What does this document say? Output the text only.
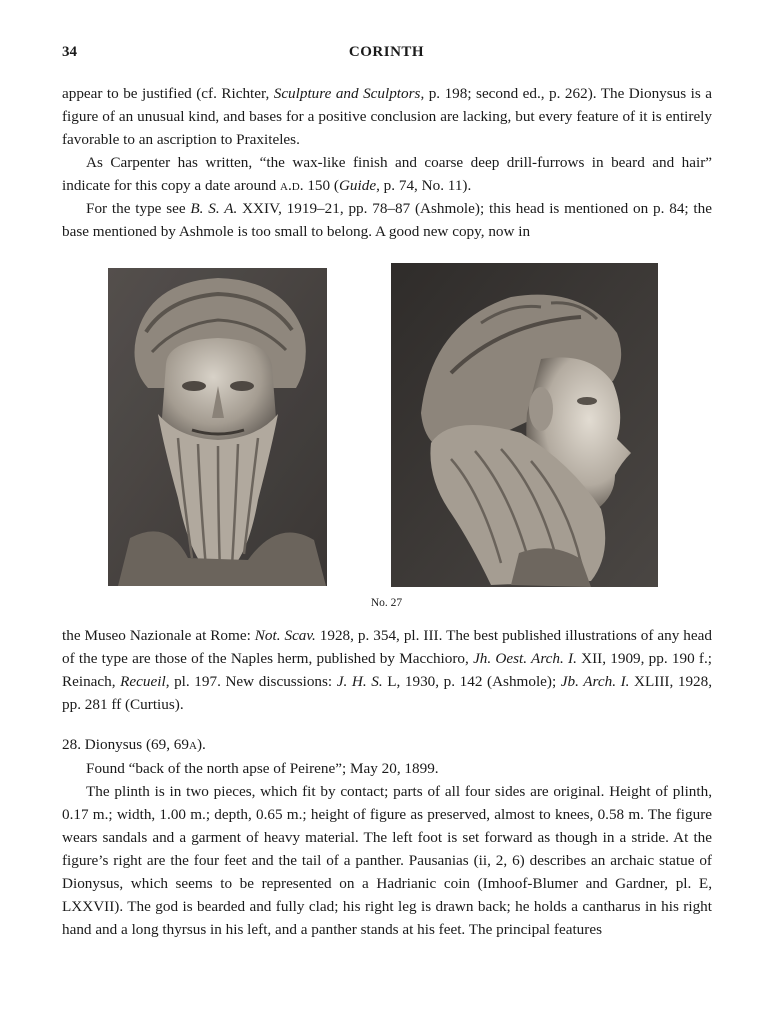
34	CORINTH

appear to be justified (cf. Richter, Sculpture and Sculptors, p. 198; second ed., p. 262). The Dionysus is a figure of an unusual kind, and bases for a positive conclusion are lacking, but every feature of it is entirely favorable to an ascription to Praxiteles.

As Carpenter has written, “the wax-like finish and coarse deep drill-furrows in beard and hair” indicate for this copy a date around a.d. 150 (Guide, p. 74, No. 11).

For the type see B. S. A. XXIV, 1919–21, pp. 78–87 (Ashmole); this head is mentioned on p. 84; the base mentioned by Ashmole is too small to belong. A good new copy, now in

No. 27

the Museo Nazionale at Rome: Not. Scav. 1928, p. 354, pl. III. The best published illustrations of any head of the type are those of the Naples herm, published by Macchioro, Jh. Oest. Arch. I. XII, 1909, pp. 190 f.; Reinach, Recueil, pl. 197. New discussions: J. H. S. L, 1930, p. 142 (Ashmole); Jb. Arch. I. XLIII, 1928, pp. 281 ff (Curtius).

28. Dionysus (69, 69a).

Found “back of the north apse of Peirene”; May 20, 1899.

The plinth is in two pieces, which fit by contact; parts of all four sides are original. Height of plinth, 0.17 m.; width, 1.00 m.; depth, 0.65 m.; height of figure as preserved, almost to knees, 0.58 m. The figure wears sandals and a garment of heavy material. The left foot is set forward as though in a stride. At the figure’s right are the four feet and the tail of a panther. Pausanias (ii, 2, 6) describes an archaic statue of Dionysus, which seems to be represented on a Hadrianic coin (Imhoof-Blumer and Gardner, pl. E, LXXVII). The god is bearded and fully clad; his right leg is drawn back; he holds a cantharus in his right hand and a long thyrsus in his left, and a panther stands at his feet. The principal features
